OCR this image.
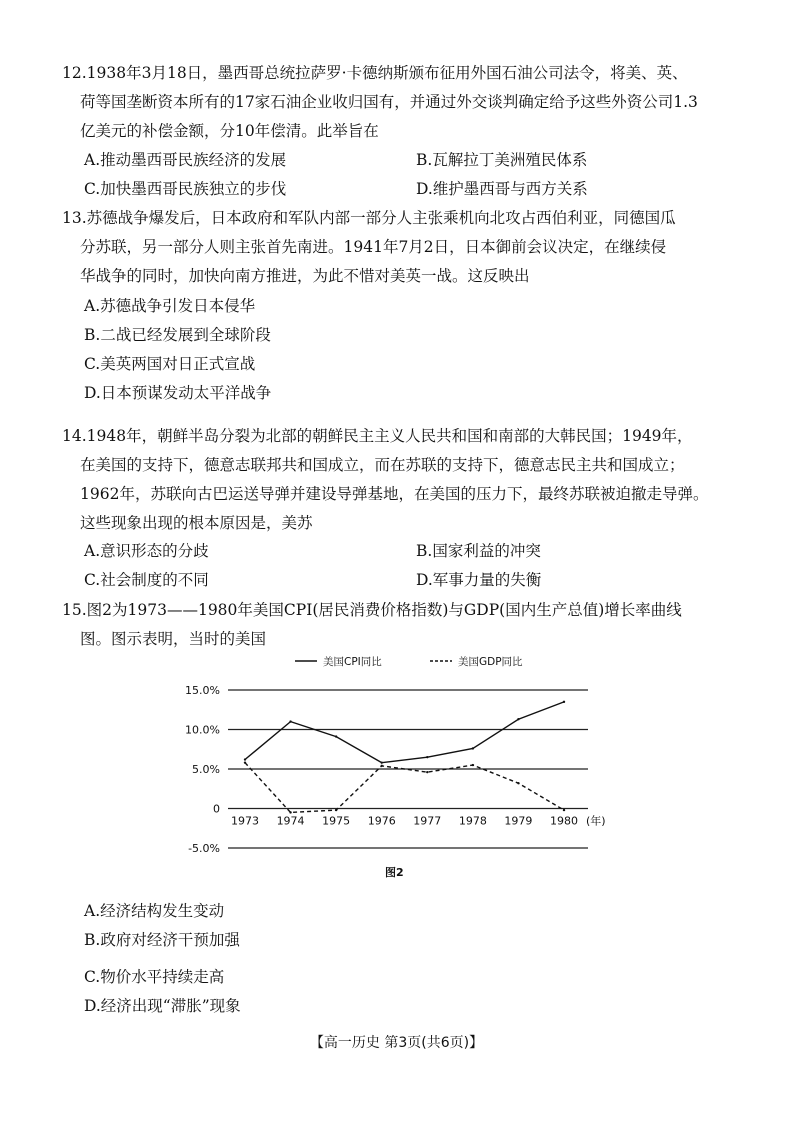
12.1938年3月18日，墨西哥总统拉萨罗·卡德纳斯颁布征用外国石油公司法令，将美、英、
荷等国垄断资本所有的17家石油企业收归国有，并通过外交谈判确定给予这些外资公司1.3
亿美元的补偿金额，分10年偿清。此举旨在
A.推动墨西哥民族经济的发展	B.瓦解拉丁美洲殖民体系
C.加快墨西哥民族独立的步伐	D.维护墨西哥与西方关系
13.苏德战争爆发后，日本政府和军队内部一部分人主张乘机向北攻占西伯利亚，同德国瓜
分苏联，另一部分人则主张首先南进。1941年7月2日，日本御前会议决定，在继续侵
华战争的同时，加快向南方推进，为此不惜对美英一战。这反映出
A.苏德战争引发日本侵华
B.二战已经发展到全球阶段
C.美英两国对日正式宣战
D.日本预谋发动太平洋战争
14.1948年，朝鲜半岛分裂为北部的朝鲜民主主义人民共和国和南部的大韩民国；1949年，
在美国的支持下，德意志联邦共和国成立，而在苏联的支持下，德意志民主共和国成立；
1962年，苏联向古巴运送导弹并建设导弹基地，在美国的压力下，最终苏联被迫撤走导弹。
这些现象出现的根本原因是，美苏
A.意识形态的分歧	B.国家利益的冲突
C.社会制度的不同	D.军事力量的失衡
15.图2为1973——1980年美国CPI(居民消费价格指数)与GDP(国内生产总值)增长率曲线
图。图示表明，当时的美国
15.0%
10.0%
5.0%
0
-5.0%
1973 1974 1975 1976 1977 1978 1979 1980 (年)
美国CPI同比	美国GDP同比
图2
A.经济结构发生变动
B.政府对经济干预加强
C.物价水平持续走高
D.经济出现“滞胀”现象
【高一历史 第3页(共6页)】
